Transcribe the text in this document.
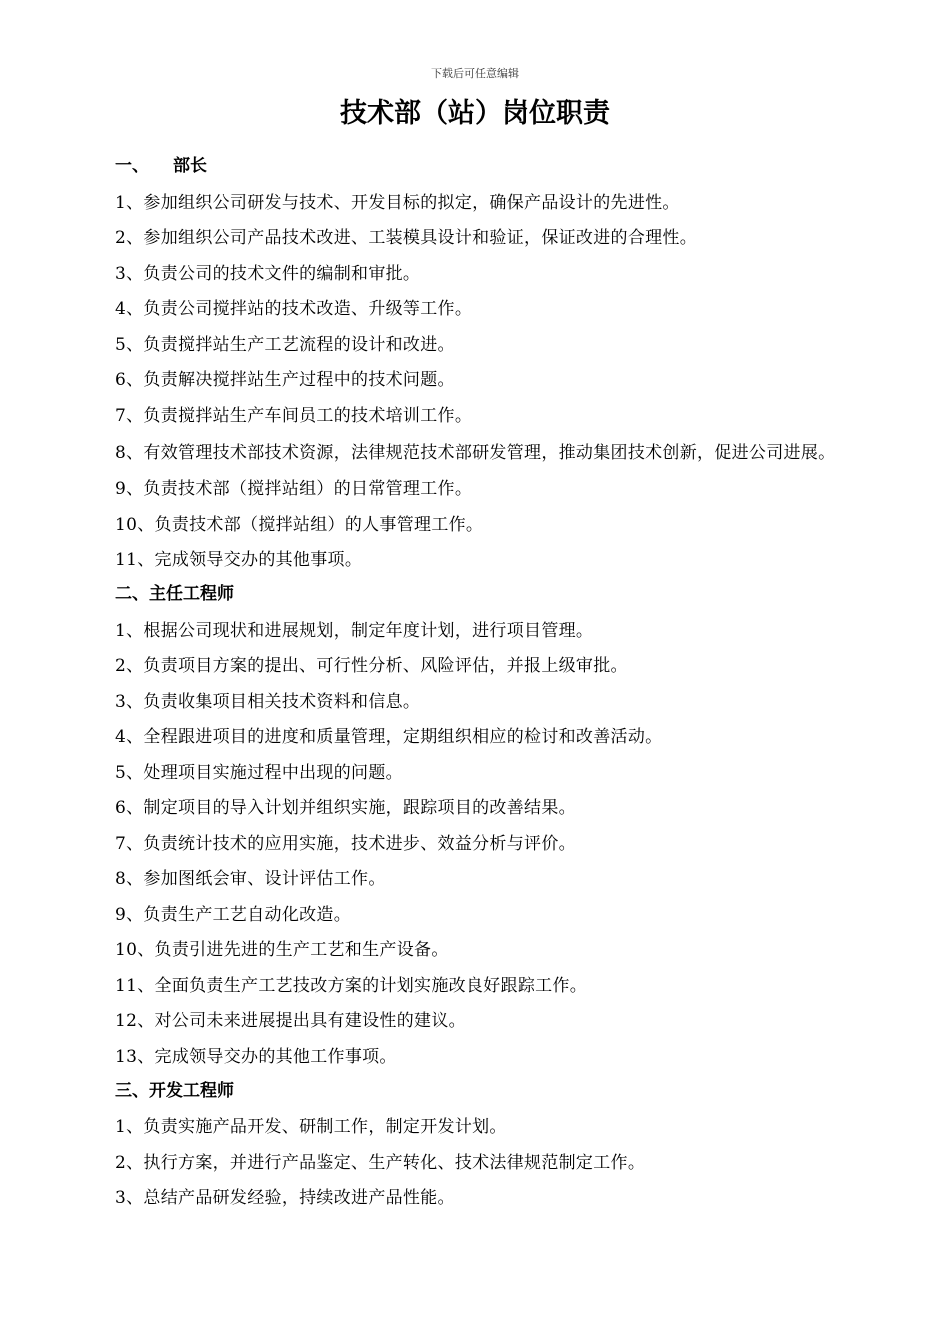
下载后可任意编辑
技术部（站）岗位职责
一、 部长

1、参加组织公司研发与技术、开发目标的拟定，确保产品设计的先进性。

2、参加组织公司产品技术改进、工装模具设计和验证，保证改进的合理性。

3、负责公司的技术文件的编制和审批。

4、负责公司搅拌站的技术改造、升级等工作。

5、负责搅拌站生产工艺流程的设计和改进。

6、负责解决搅拌站生产过程中的技术问题。

7、负责搅拌站生产车间员工的技术培训工作。

8、有效管理技术部技术资源，法律规范技术部研发管理，推动集团技术创新，促进公司进展。

9、负责技术部（搅拌站组）的日常管理工作。

10、负责技术部（搅拌站组）的人事管理工作。

11、完成领导交办的其他事项。

二、主任工程师

1、根据公司现状和进展规划，制定年度计划，进行项目管理。

2、负责项目方案的提出、可行性分析、风险评估，并报上级审批。

3、负责收集项目相关技术资料和信息。

4、全程跟进项目的进度和质量管理，定期组织相应的检讨和改善活动。

5、处理项目实施过程中出现的问题。

6、制定项目的导入计划并组织实施，跟踪项目的改善结果。

7、负责统计技术的应用实施，技术进步、效益分析与评价。

8、参加图纸会审、设计评估工作。

9、负责生产工艺自动化改造。

10、负责引进先进的生产工艺和生产设备。

11、全面负责生产工艺技改方案的计划实施改良好跟踪工作。

12、对公司未来进展提出具有建设性的建议。

13、完成领导交办的其他工作事项。

三、开发工程师

1、负责实施产品开发、研制工作，制定开发计划。

2、执行方案，并进行产品鉴定、生产转化、技术法律规范制定工作。

3、总结产品研发经验，持续改进产品性能。
